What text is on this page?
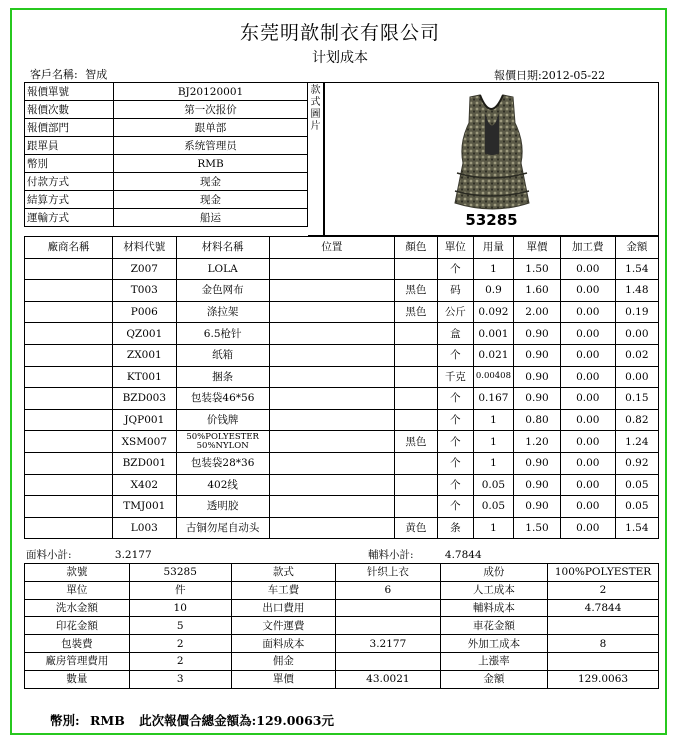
东莞明歆制衣有限公司
计划成本
客戶名稱: 智成	報價日期:2012-05-22
報價單號	BJ20120001
報價次數	第一次报价
報價部門	跟单部
跟單員	系统管理员
幣別	RMB
付款方式	现金
結算方式	现金
運輸方式	船运
款式圖片
53285
廠商名稱	材料代號	材料名稱	位置	顏色	單位	用量	單價	加工費	金額
	Z007	LOLA			个	1	1.50	0.00	1.54
	T003	金色网布		黑色	码	0.9	1.60	0.00	1.48
	P006	涤拉架		黑色	公斤	0.092	2.00	0.00	0.19
	QZ001	6.5枪针			盒	0.001	0.90	0.00	0.00
	ZX001	纸箱			个	0.021	0.90	0.00	0.02
	KT001	捆条			千克	0.00408	0.90	0.00	0.00
	BZD003	包装袋46*56			个	0.167	0.90	0.00	0.15
	JQP001	价钱牌			个	1	0.80	0.00	0.82
	XSM007	50%POLYESTER 50%NYLON		黑色	个	1	1.20	0.00	1.24
	BZD001	包装袋28*36			个	1	0.90	0.00	0.92
	X402	402线			个	0.05	0.90	0.00	0.05
	TMJ001	透明胶			个	0.05	0.90	0.00	0.05
	L003	古铜勿尾自动头		黄色	条	1	1.50	0.00	1.54
面料小計:	3.2177	輔料小計:	4.7844
款號	53285	款式	针织上衣	成份	100%POLYESTER
單位	件	车工費	6	人工成本	2
洗水金額	10	出口費用		輔料成本	4.7844
印花金額	5	文件運費		車花金額	
包裝費	2	面料成本	3.2177	外加工成本	8
廠房管理費用	2	佣金		上漲率	
數量	3	單價	43.0021	金額	129.0063
幣別: RMB 此次報價合總金額為:129.0063元
